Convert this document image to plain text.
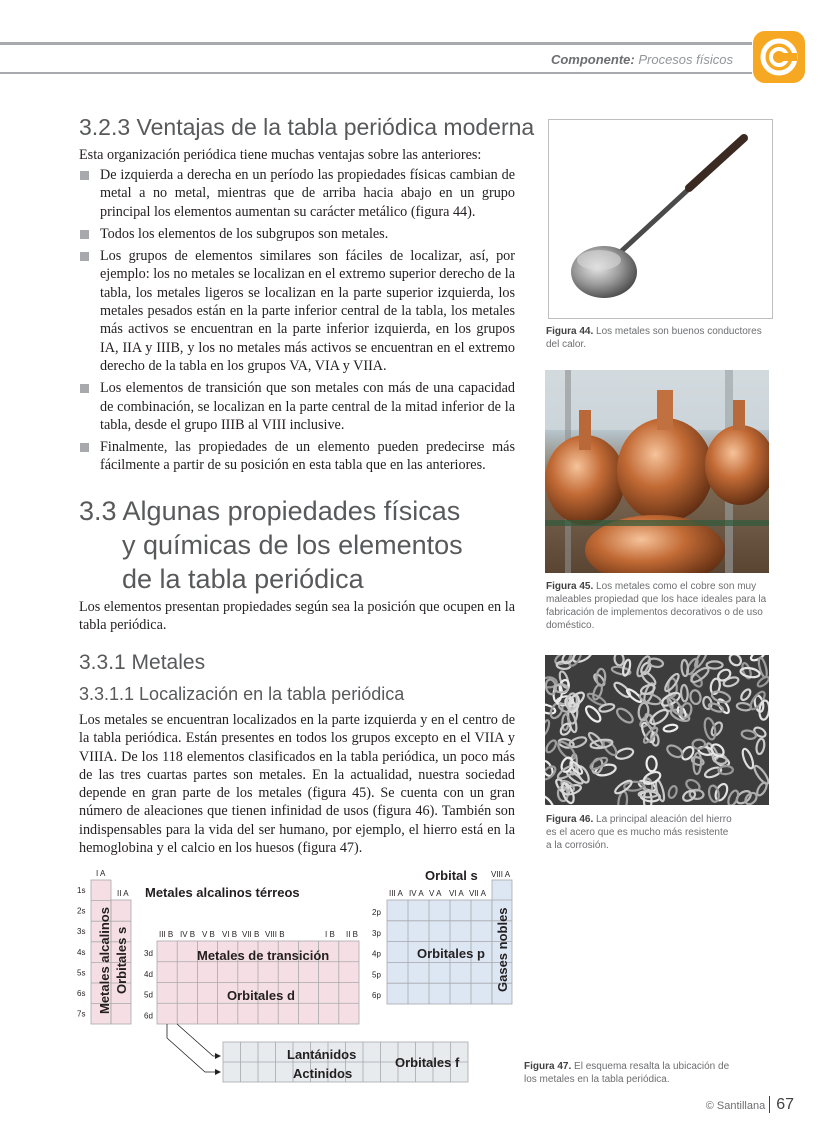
Componente: Procesos físicos
3.2.3 Ventajas de la tabla periódica moderna
Esta organización periódica tiene muchas ventajas sobre las anteriores:
De izquierda a derecha en un período las propiedades físicas cambian de metal a no metal, mientras que de arriba hacia abajo en un grupo principal los elementos aumentan su carácter metálico (figura 44).
Todos los elementos de los subgrupos son metales.
Los grupos de elementos similares son fáciles de localizar, así, por ejemplo: los no metales se localizan en el extremo superior derecho de la tabla, los metales ligeros se localizan en la parte superior izquierda, los metales pesados están en la parte inferior central de la tabla, los metales más activos se encuentran en la parte inferior izquierda, en los grupos IA, IIA y IIIB, y los no metales más activos se encuentran en el extremo derecho de la tabla en los grupos VA, VIA y VIIA.
Los elementos de transición que son metales con más de una capacidad de combinación, se localizan en la parte central de la mitad inferior de la tabla, desde el grupo IIIB al VIII inclusive.
Finalmente, las propiedades de un elemento pueden predecirse más fácilmente a partir de su posición en esta tabla que en las anteriores.
3.3 Algunas propiedades físicas
y químicas de los elementos
de la tabla periódica
Los elementos presentan propiedades según sea la posición que ocupen en la tabla periódica.
3.3.1 Metales
3.3.1.1 Localización en la tabla periódica
Los metales se encuentran localizados en la parte izquierda y en el centro de la tabla periódica. Están presentes en todos los grupos excepto en el VIIA y VIIIA. De los 118 elementos clasificados en la tabla periódica, un poco más de las tres cuartas partes son metales. En la actualidad, nuestra sociedad depende en gran parte de los metales (figura 45). Se cuenta con un gran número de aleaciones que tienen infinidad de usos (figura 46). También son indispensables para la vida del ser humano, por ejemplo, el hierro está en la hemoglobina y el calcio en los huesos (figura 47).
Figura 44. Los metales son buenos conductores del calor.
Figura 45. Los metales como el cobre son muy maleables propiedad que los hace ideales para la fabricación de implementos decorativos o de uso doméstico.
Figura 46. La principal aleación del hierro es el acero que es mucho más resistente a la corrosión.
I A
II A Metales alcalinos térreos
Orbital s VIII A
Metales de transición
Orbitales d
Orbitales p
Lantánidos
Actinidos
Orbitales f
Metales alcalinos Orbitales s	Gases nobles
1s
2s
3s
4s
5s
6s
7s
3d
4d
5d
6d
2p
3p
4p
5p
6p
III B IV B V B VI B VII B VIII B	I B II B
III A IV A V A VI A VII A
Figura 47. El esquema resalta la ubicación de los metales en la tabla periódica.
© Santillana 67
